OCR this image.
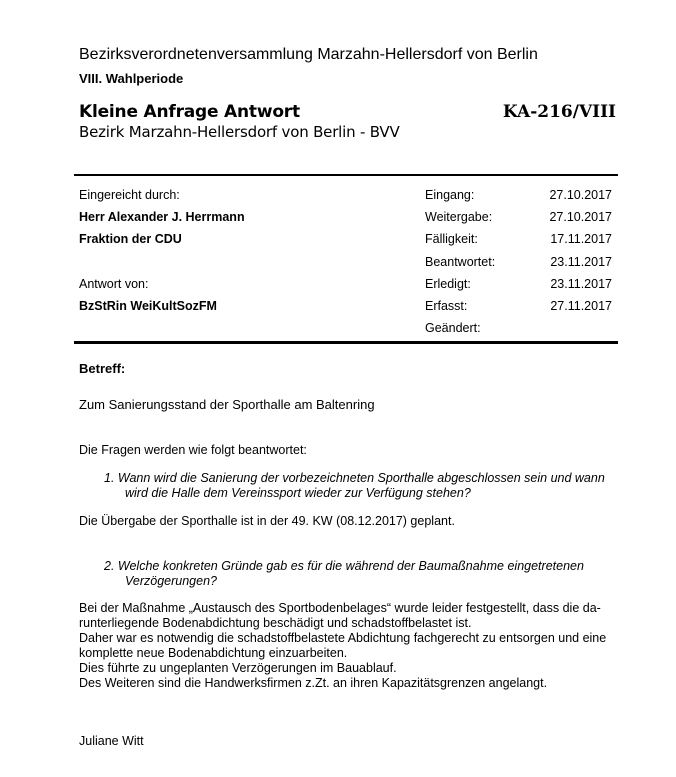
Bezirksverordnetenversammlung Marzahn-Hellersdorf von Berlin
VIII. Wahlperiode
Kleine Anfrage Antwort	KA-216/VIII
Bezirk Marzahn-Hellersdorf von Berlin - BVV
Eingereicht durch:
Herr Alexander J. Herrmann
Fraktion der CDU
Antwort von:
BzStRin WeiKultSozFM
Eingang:	27.10.2017
Weitergabe:	27.10.2017
Fälligkeit:	17.11.2017
Beantwortet:	23.11.2017
Erledigt:	23.11.2017
Erfasst:	27.11.2017
Geändert:
Betreff:
Zum Sanierungsstand der Sporthalle am Baltenring
Die Fragen werden wie folgt beantwortet:
1. Wann wird die Sanierung der vorbezeichneten Sporthalle abgeschlossen sein und wann
wird die Halle dem Vereinssport wieder zur Verfügung stehen?
Die Übergabe der Sporthalle ist in der 49. KW (08.12.2017) geplant.
2. Welche konkreten Gründe gab es für die während der Baumaßnahme eingetretenen
Verzögerungen?
Bei der Maßnahme „Austausch des Sportbodenbelages“ wurde leider festgestellt, dass die da-
runterliegende Bodenabdichtung beschädigt und schadstoffbelastet ist.
Daher war es notwendig die schadstoffbelastete Abdichtung fachgerecht zu entsorgen und eine
komplette neue Bodenabdichtung einzuarbeiten.
Dies führte zu ungeplanten Verzögerungen im Bauablauf.
Des Weiteren sind die Handwerksfirmen z.Zt. an ihren Kapazitätsgrenzen angelangt.
Juliane Witt
